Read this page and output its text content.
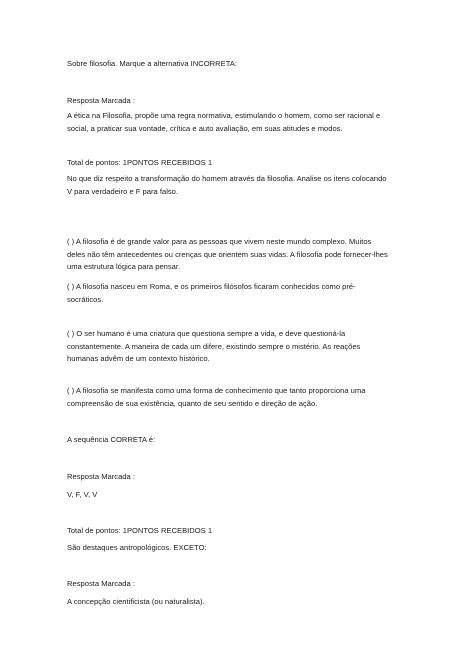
Sobre filosofia. Marque a alternativa INCORRETA:

Resposta Marcada :

A ética na Filosofia, propõe uma regra normativa, estimulando o homem, como ser racional e
social, a praticar sua vontade, crítica e auto avaliação, em suas atitudes e modos.

Total de pontos: 1PONTOS RECEBIDOS 1

No que diz respeito a transformação do homem através da filosofia. Analise os itens colocando
V para verdadeiro e F para falso.
( ) A filosofia é de grande valor para as pessoas que vivem neste mundo complexo. Muitos
deles não têm antecedentes ou crenças que orientem suas vidas. A filosofia pode fornecer-lhes
uma estrutura lógica para pensar.
( ) A filosofia nasceu em Roma, e os primeiros filósofos ficaram conhecidos como pré-
socráticos.
( ) O ser humano é uma criatura que questiona sempre a vida, e deve questioná-la
constantemente. A maneira de cada um difere, existindo sempre o mistério. As reações
humanas advêm de um contexto histórico.
( ) A filosofia se manifesta como uma forma de conhecimento que tanto proporciona uma
compreensão de sua existência, quanto de seu sentido e direção de ação.

A sequência CORRETA é:

Resposta Marcada :

V, F, V, V

Total de pontos: 1PONTOS RECEBIDOS 1

São destaques antropológicos. EXCETO:

Resposta Marcada :

A concepção cientificista (ou naturalista).
